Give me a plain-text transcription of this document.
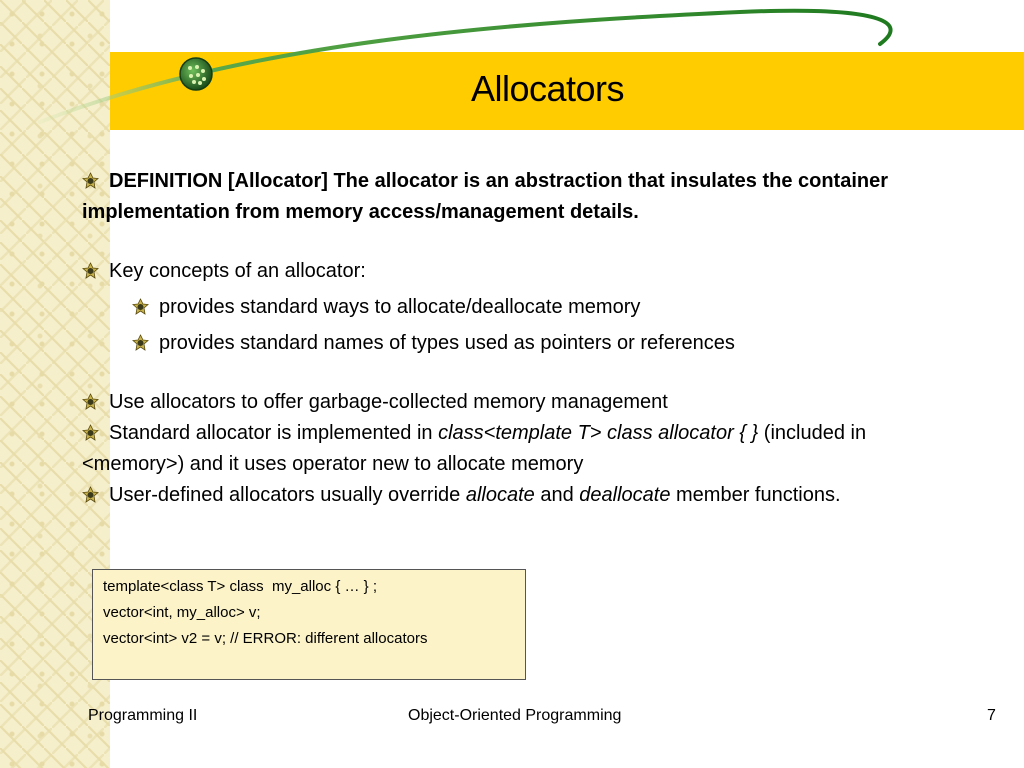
Allocators
DEFINITION [Allocator] The allocator is an abstraction that insulates the container implementation from memory access/management details.
Key concepts of an allocator:
provides standard ways to allocate/deallocate memory
provides standard names of types used as pointers or references
Use allocators to offer garbage-collected memory management
Standard allocator is implemented in class<template T> class allocator { } (included in <memory>) and it uses operator new to allocate memory
User-defined allocators usually override allocate and deallocate member functions.
template<class T> class  my_alloc { … } ;
vector<int, my_alloc> v;
vector<int> v2 = v; // ERROR: different allocators
Programming II	Object-Oriented Programming	7
